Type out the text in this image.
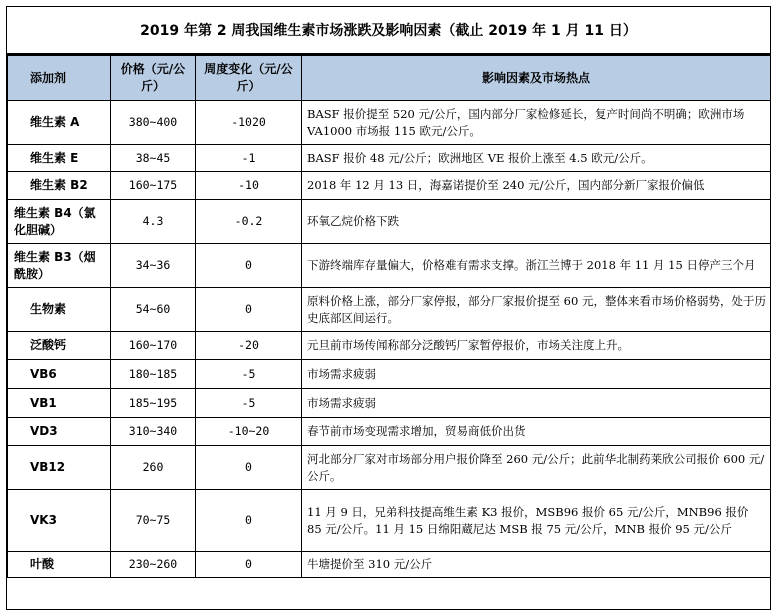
2019 年第 2 周我国维生素市场涨跌及影响因素（截止 2019 年 1 月 11 日）
添加剂	价格（元/公斤）	周度变化（元/公斤）	影响因素及市场热点
维生素 A	380~400	-1020	BASF 报价提至 520 元/公斤，国内部分厂家检修延长，复产时间尚不明确；欧洲市场 VA1000 市场报 115 欧元/公斤。
维生素 E	38~45	-1	BASF 报价 48 元/公斤；欧洲地区 VE 报价上涨至 4.5 欧元/公斤。
维生素 B2	160~175	-10	2018 年 12 月 13 日，海嘉诺提价至 240 元/公斤，国内部分新厂家报价偏低
维生素 B4（氯化胆碱）	4.3	-0.2	环氧乙烷价格下跌
维生素 B3（烟酰胺）	34~36	0	下游终端库存量偏大，价格难有需求支撑。浙江兰博于 2018 年 11 月 15 日停产三个月
生物素	54~60	0	原料价格上涨，部分厂家停报，部分厂家报价提至 60 元，整体来看市场价格弱势，处于历史底部区间运行。
泛酸钙	160~170	-20	元旦前市场传闻称部分泛酸钙厂家暂停报价，市场关注度上升。
VB6	180~185	-5	市场需求疲弱
VB1	185~195	-5	市场需求疲弱
VD3	310~340	-10~20	春节前市场变现需求增加，贸易商低价出货
VB12	260	0	河北部分厂家对市场部分用户报价降至 260 元/公斤；此前华北制药莱欣公司报价 600 元/公斤。
VK3	70~75	0	11 月 9 日，兄弟科技提高维生素 K3 报价，MSB96 报价 65 元/公斤，MNB96 报价 85 元/公斤。11 月 15 日绵阳蔵尼达 MSB 报 75 元/公斤，MNB 报价 95 元/公斤
叶酸	230~260	0	牛塘提价至 310 元/公斤
